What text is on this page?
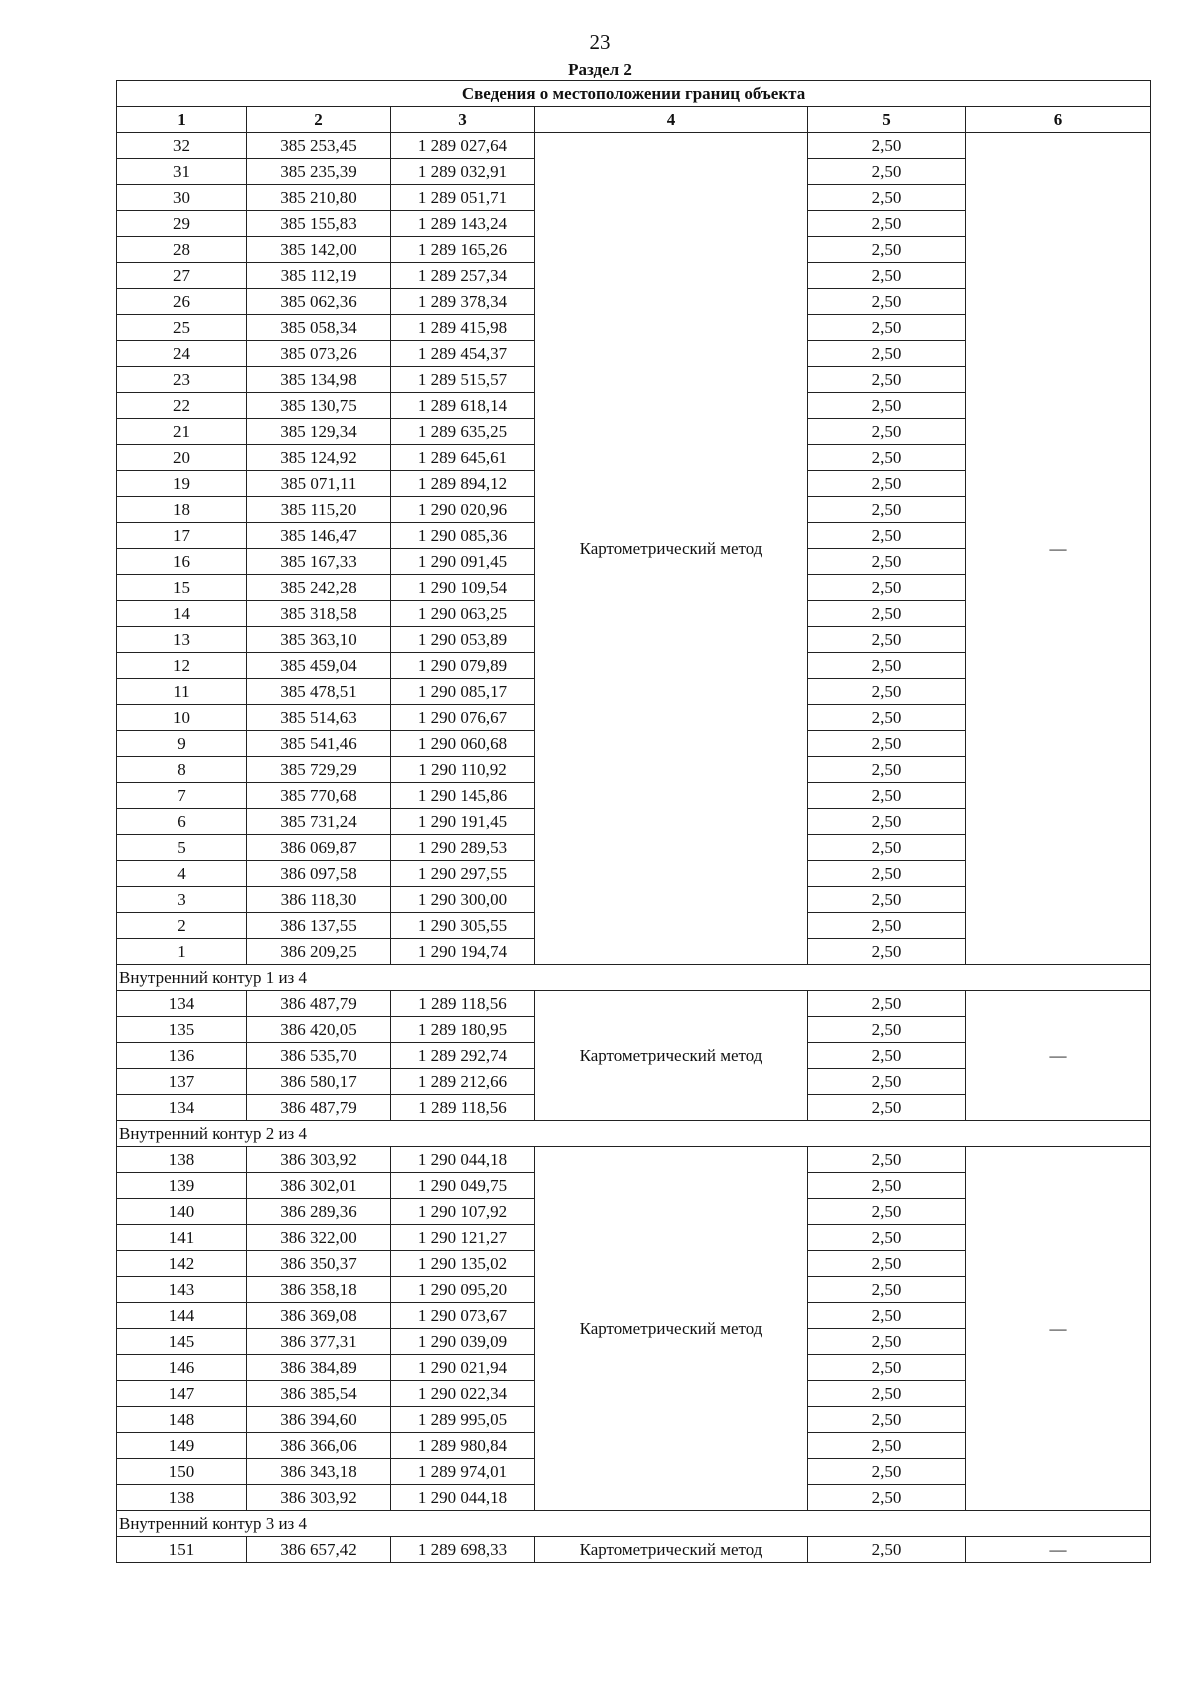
23
Раздел 2
Сведения о местоположении границ объекта					
1	2	3	4	5	6
32	385 253,45	1 289 027,64	Картометрический метод	2,50	—
31	385 235,39	1 289 032,91		2,50	
30	385 210,80	1 289 051,71		2,50	
29	385 155,83	1 289 143,24		2,50	
28	385 142,00	1 289 165,26		2,50	
27	385 112,19	1 289 257,34		2,50	
26	385 062,36	1 289 378,34		2,50	
25	385 058,34	1 289 415,98		2,50	
24	385 073,26	1 289 454,37		2,50	
23	385 134,98	1 289 515,57		2,50	
22	385 130,75	1 289 618,14		2,50	
21	385 129,34	1 289 635,25		2,50	
20	385 124,92	1 289 645,61		2,50	
19	385 071,11	1 289 894,12		2,50	
18	385 115,20	1 290 020,96		2,50	
17	385 146,47	1 290 085,36		2,50	
16	385 167,33	1 290 091,45		2,50	
15	385 242,28	1 290 109,54		2,50	
14	385 318,58	1 290 063,25		2,50	
13	385 363,10	1 290 053,89		2,50	
12	385 459,04	1 290 079,89		2,50	
11	385 478,51	1 290 085,17		2,50	
10	385 514,63	1 290 076,67		2,50	
9	385 541,46	1 290 060,68		2,50	
8	385 729,29	1 290 110,92		2,50	
7	385 770,68	1 290 145,86		2,50	
6	385 731,24	1 290 191,45		2,50	
5	386 069,87	1 290 289,53		2,50	
4	386 097,58	1 290 297,55		2,50	
3	386 118,30	1 290 300,00		2,50	
2	386 137,55	1 290 305,55		2,50	
1	386 209,25	1 290 194,74		2,50	
Внутренний контур 1 из 4					
134	386 487,79	1 289 118,56	Картометрический метод	2,50	—
135	386 420,05	1 289 180,95		2,50	
136	386 535,70	1 289 292,74		2,50	
137	386 580,17	1 289 212,66		2,50	
134	386 487,79	1 289 118,56		2,50	
Внутренний контур 2 из 4					
138	386 303,92	1 290 044,18	Картометрический метод	2,50	—
139	386 302,01	1 290 049,75		2,50	
140	386 289,36	1 290 107,92		2,50	
141	386 322,00	1 290 121,27		2,50	
142	386 350,37	1 290 135,02		2,50	
143	386 358,18	1 290 095,20		2,50	
144	386 369,08	1 290 073,67		2,50	
145	386 377,31	1 290 039,09		2,50	
146	386 384,89	1 290 021,94		2,50	
147	386 385,54	1 290 022,34		2,50	
148	386 394,60	1 289 995,05		2,50	
149	386 366,06	1 289 980,84		2,50	
150	386 343,18	1 289 974,01		2,50	
138	386 303,92	1 290 044,18		2,50	
Внутренний контур 3 из 4					
151	386 657,42	1 289 698,33	Картометрический метод	2,50	—
